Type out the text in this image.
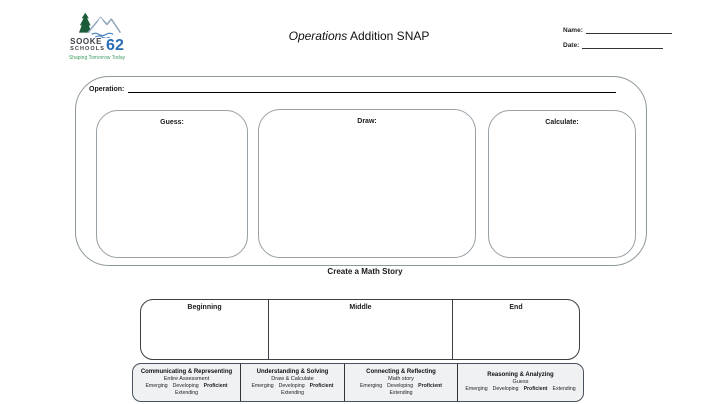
SOOKE
SCHOOLS 62
Shaping Tomorrow Today
Operations Addition SNAP	Name:
Date:
Operation:
Guess:	Draw:	Calculate:
Create a Math Story
Beginning	Middle	End
Communicating & Representing
Entire Assessment
Emerging Developing Proficient
Extending
Understanding & Solving
Draw & Calculate
Emerging Developing Proficient
Extending
Connecting & Reflecting
Math story
Emerging Developing Proficient
Extending
Reasoning & Analyzing
Guess
Emerging Developing Proficient Extending
